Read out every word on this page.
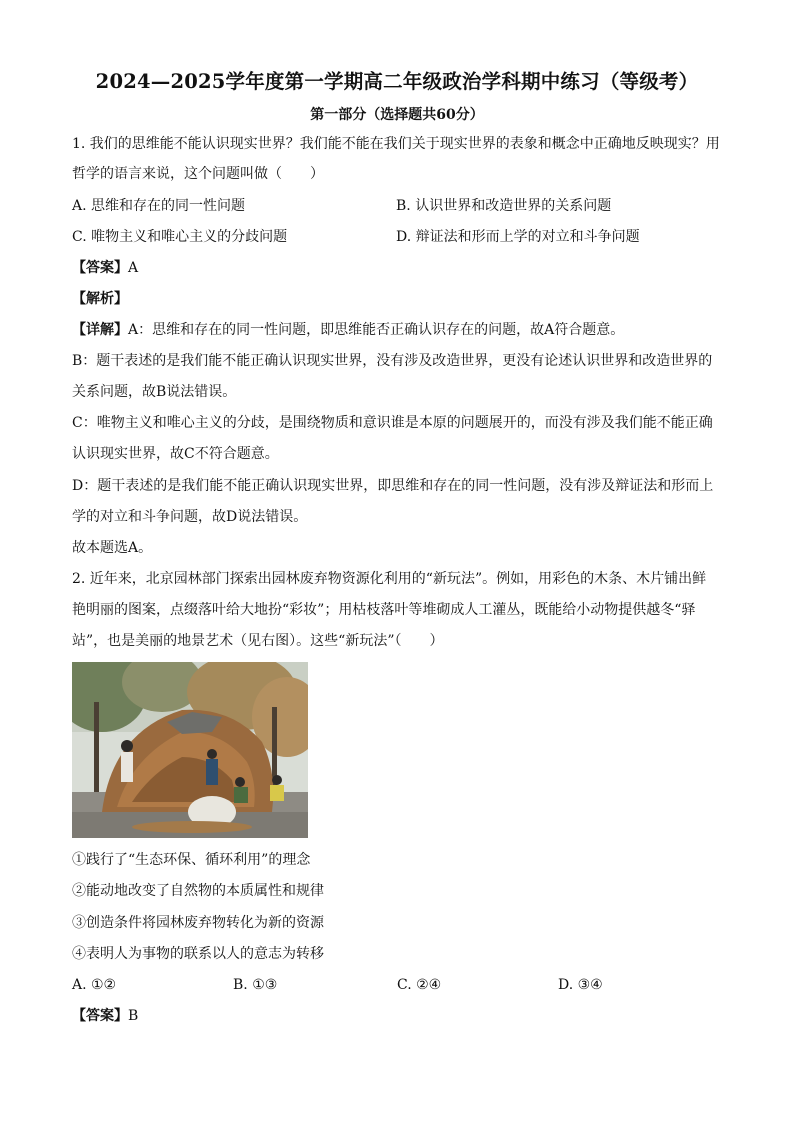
2024—2025学年度第一学期高二年级政治学科期中练习（等级考）
第一部分（选择题共60分）
1. 我们的思维能不能认识现实世界？我们能不能在我们关于现实世界的表象和概念中正确地反映现实？用
哲学的语言来说，这个问题叫做（　　）
A. 思维和存在的同一性问题	B. 认识世界和改造世界的关系问题
C. 唯物主义和唯心主义的分歧问题	D. 辩证法和形而上学的对立和斗争问题
【答案】A
【解析】
【详解】A：思维和存在的同一性问题，即思维能否正确认识存在的问题，故A符合题意。
B：题干表述的是我们能不能正确认识现实世界，没有涉及改造世界，更没有论述认识世界和改造世界的
关系问题，故B说法错误。
C：唯物主义和唯心主义的分歧，是围绕物质和意识谁是本原的问题展开的，而没有涉及我们能不能正确
认识现实世界，故C不符合题意。
D：题干表述的是我们能不能正确认识现实世界，即思维和存在的同一性问题，没有涉及辩证法和形而上
学的对立和斗争问题，故D说法错误。
故本题选A。
2. 近年来，北京园林部门探索出园林废弃物资源化利用的“新玩法”。例如，用彩色的木条、木片铺出鲜
艳明丽的图案，点缀落叶给大地扮“彩妆”；用枯枝落叶等堆砌成人工灌丛，既能给小动物提供越冬“驿
站”，也是美丽的地景艺术（见右图）。这些“新玩法”（　　）
①践行了“生态环保、循环利用”的理念
②能动地改变了自然物的本质属性和规律
③创造条件将园林废弃物转化为新的资源
④表明人为事物的联系以人的意志为转移
A. ①②	B. ①③	C. ②④	D. ③④
【答案】B
